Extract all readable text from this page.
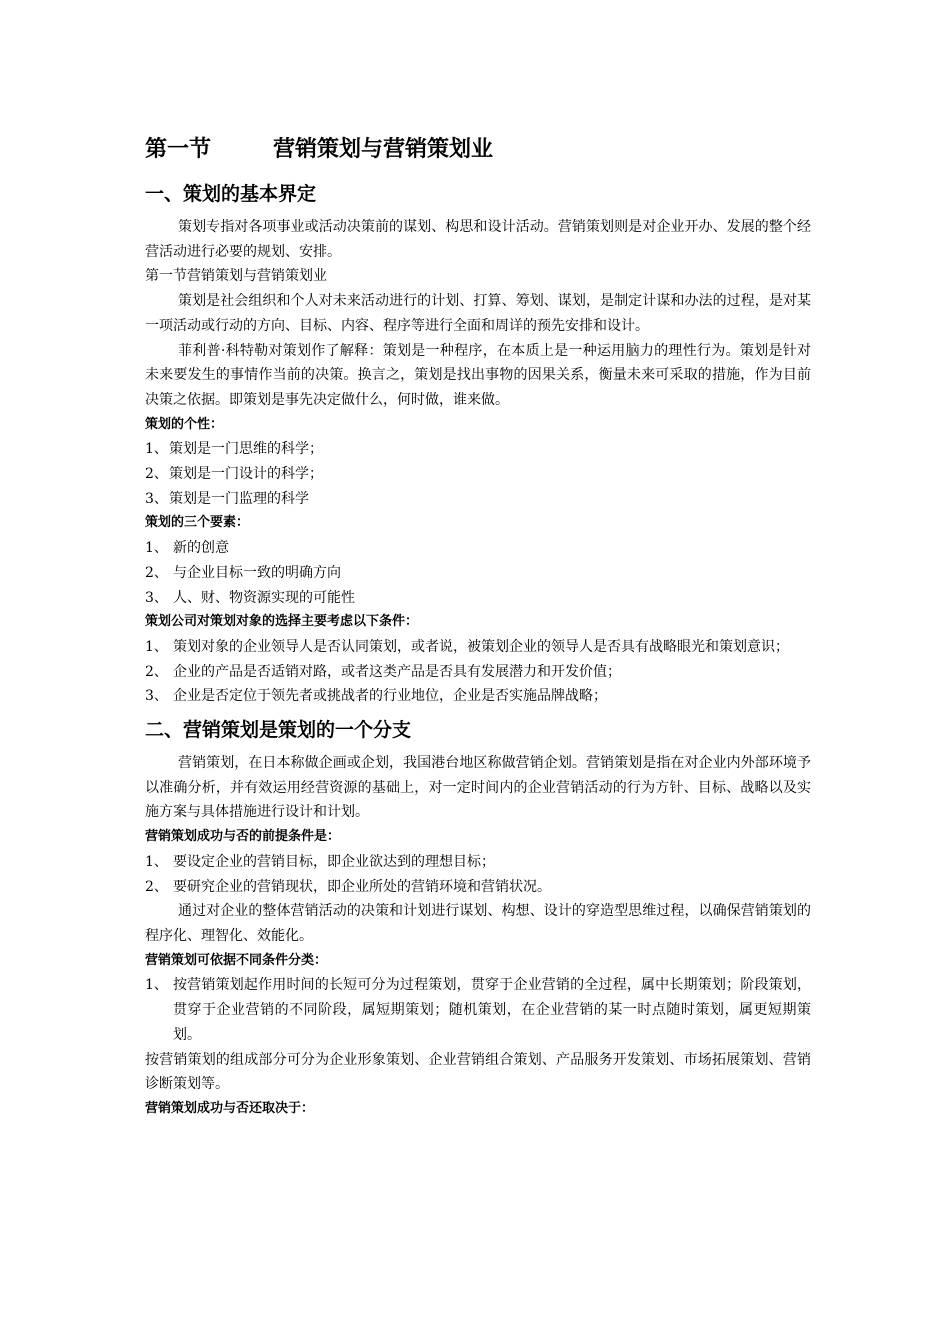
第一节	营销策划与营销策划业
一、策划的基本界定

策划专指对各项事业或活动决策前的谋划、构思和设计活动。营销策划则是对企业开办、发展的整个经营活动进行必要的规划、安排。

第一节营销策划与营销策划业

策划是社会组织和个人对未来活动进行的计划、打算、筹划、谋划，是制定计谋和办法的过程，是对某一项活动或行动的方向、目标、内容、程序等进行全面和周详的预先安排和设计。

菲利普·科特勒对策划作了解释：策划是一种程序，在本质上是一种运用脑力的理性行为。策划是针对未来要发生的事情作当前的决策。换言之，策划是找出事物的因果关系，衡量未来可采取的措施，作为目前决策之依据。即策划是事先决定做什么，何时做，谁来做。

策划的个性：

1、 策划是一门思维的科学；

2、 策划是一门设计的科学；

3、 策划是一门监理的科学

策划的三个要素：

1、 新的创意

2、 与企业目标一致的明确方向

3、 人、财、物资源实现的可能性

策划公司对策划对象的选择主要考虑以下条件：

1、 策划对象的企业领导人是否认同策划，或者说，被策划企业的领导人是否具有战略眼光和策划意识；

2、 企业的产品是否适销对路，或者这类产品是否具有发展潜力和开发价值；

3、 企业是否定位于领先者或挑战者的行业地位，企业是否实施品牌战略；

二、营销策划是策划的一个分支

营销策划，在日本称做企画或企划，我国港台地区称做营销企划。营销策划是指在对企业内外部环境予以准确分析，并有效运用经营资源的基础上，对一定时间内的企业营销活动的行为方针、目标、战略以及实施方案与具体措施进行设计和计划。

营销策划成功与否的前提条件是：

1、 要设定企业的营销目标，即企业欲达到的理想目标；

2、 要研究企业的营销现状，即企业所处的营销环境和营销状况。

通过对企业的整体营销活动的决策和计划进行谋划、构想、设计的穿造型思维过程，以确保营销策划的程序化、理智化、效能化。

营销策划可依据不同条件分类：

1、 按营销策划起作用时间的长短可分为过程策划，贯穿于企业营销的全过程，属中长期策划；阶段策划，贯穿于企业营销的不同阶段，属短期策划；随机策划，在企业营销的某一时点随时策划，属更短期策划。

按营销策划的组成部分可分为企业形象策划、企业营销组合策划、产品服务开发策划、市场拓展策划、营销诊断策划等。

营销策划成功与否还取决于：
